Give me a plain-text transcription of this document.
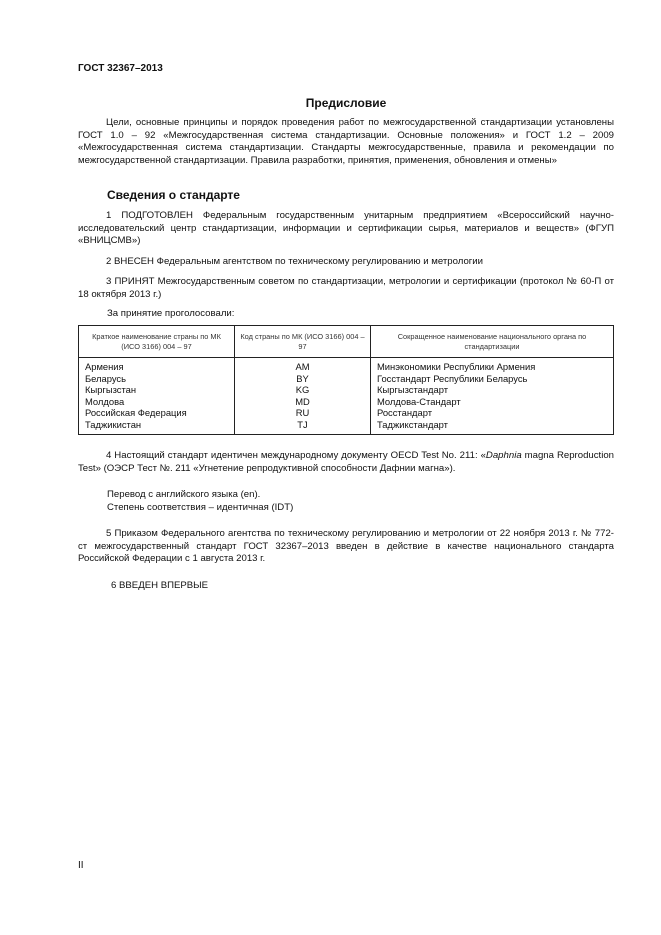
ГОСТ 32367–2013
Предисловие

Цели, основные принципы и порядок проведения работ по межгосударственной стандартизации установлены ГОСТ 1.0 – 92 «Межгосударственная система стандартизации. Основные положения» и ГОСТ 1.2 – 2009 «Межгосударственная система стандартизации. Стандарты межгосударственные, правила и рекомендации по межгосударственной стандартизации. Правила разработки, принятия, применения, обновления и отмены»

Сведения о стандарте

1 ПОДГОТОВЛЕН Федеральным государственным унитарным предприятием «Всероссийский научно-исследовательский центр стандартизации, информации и сертификации сырья, материалов и веществ» (ФГУП «ВНИЦСМВ»)

2 ВНЕСЕН Федеральным агентством по техническому регулированию и метрологии

3 ПРИНЯТ Межгосударственным советом по стандартизации, метрологии и сертификации (протокол № 60-П от 18 октября 2013 г.)

За принятие проголосовали:
Краткое наименование страны по МК (ИСО 3166) 004 – 97	Код страны по МК (ИСО 3166) 004 – 97	Сокращенное наименование национального органа по стандартизации
Армения	AM	Минэкономики Республики Армения
Беларусь	BY	Госстандарт Республики Беларусь
Кыргызстан	KG	Кыргызстандарт
Молдова	MD	Молдова-Стандарт
Российская Федерация	RU	Росстандарт
Таджикистан	TJ	Таджикстандарт

4 Настоящий стандарт идентичен международному документу OECD Test No. 211: «Daphnia magna Reproduction Test» (ОЭСР Тест №. 211 «Угнетение репродуктивной способности Дафнии магна»).

Перевод с английского языка (en).
Степень соответствия – идентичная (IDT)

5 Приказом Федерального агентства по техническому регулированию и метрологии от 22 ноября 2013 г. № 772-ст межгосударственный стандарт ГОСТ 32367–2013 введен в действие в качестве национального стандарта Российской Федерации с 1 августа 2013 г.

6 ВВЕДЕН ВПЕРВЫЕ
II
